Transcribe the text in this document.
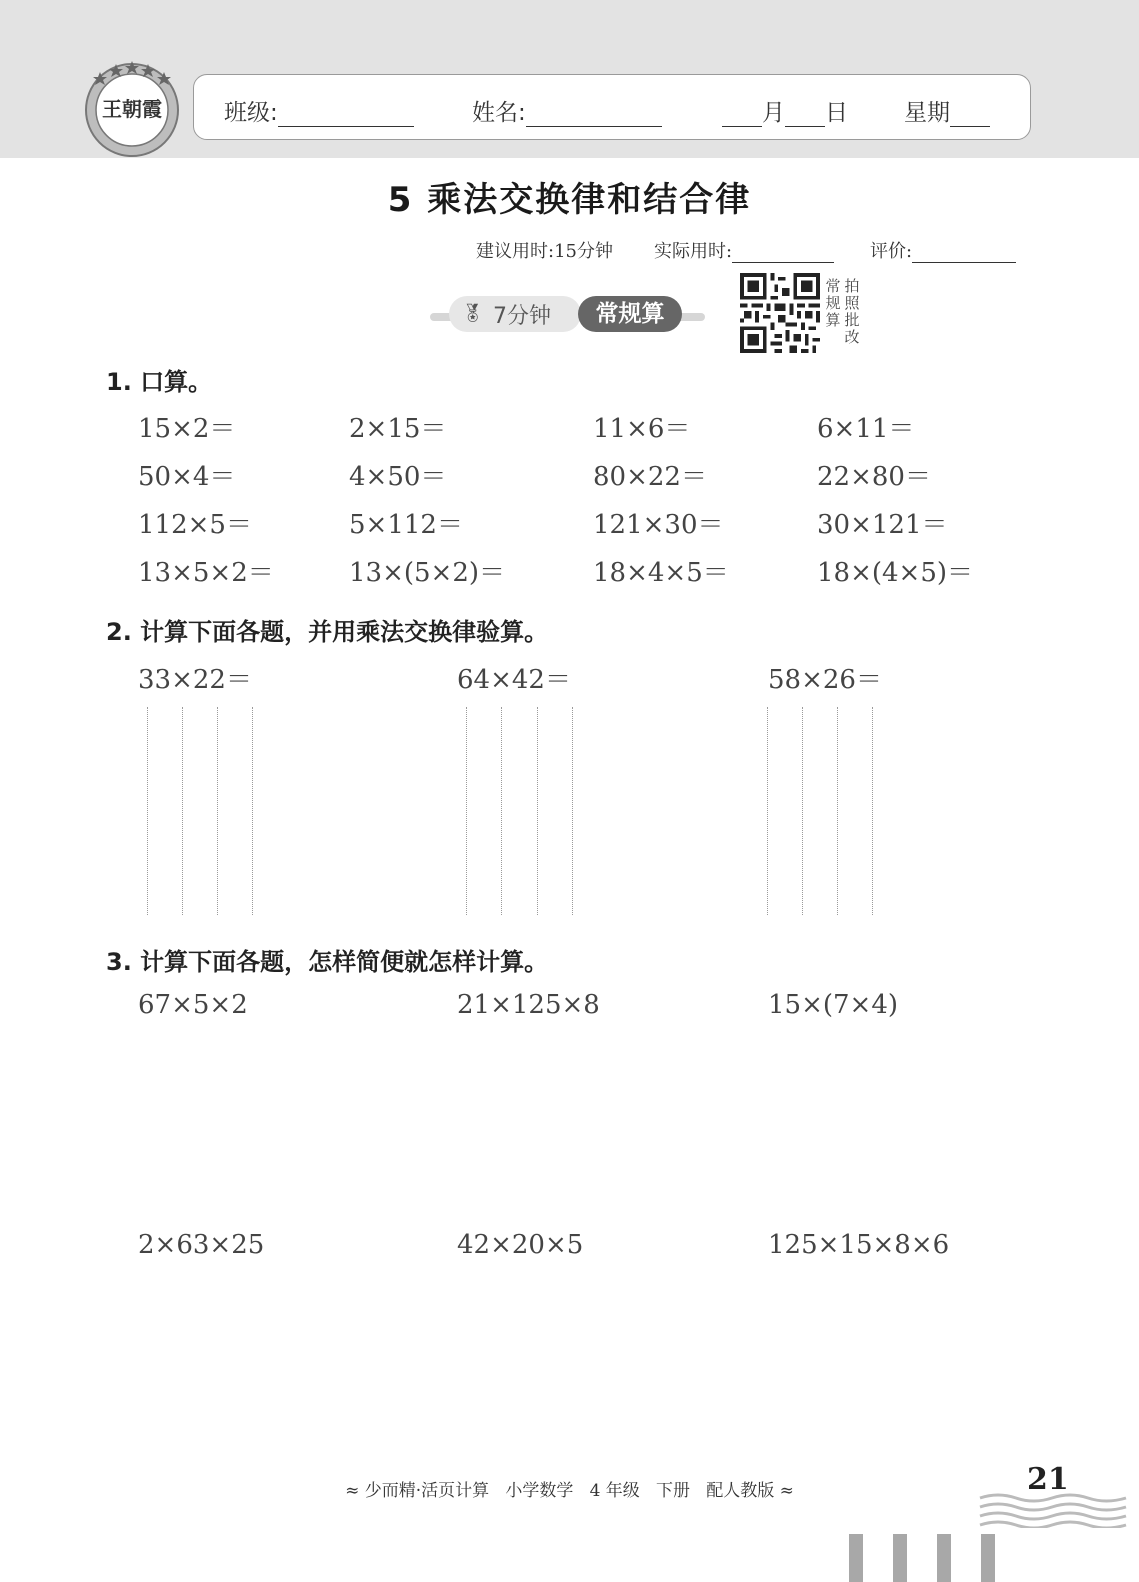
王朝霞	班级:	姓名:	月 日 星期
5 乘法交换律和结合律
建议用时:15分钟 实际用时:	评价:
🏅︎ 7分钟	常规算
常
规
算
拍
照
批
改
1. 口算。
15×2＝	2×15＝	11×6＝	6×11＝
50×4＝	4×50＝	80×22＝	22×80＝
112×5＝	5×112＝	121×30＝	30×121＝
13×5×2＝	13×(5×2)＝	18×4×5＝	18×(4×5)＝
2. 计算下面各题，并用乘法交换律验算。
33×22＝	64×42＝	58×26＝
3. 计算下面各题，怎样简便就怎样计算。
67×5×2	21×125×8	15×(7×4)
2×63×25	42×20×5	125×15×8×6
≈ 少而精·活页计算   小学数学   4 年级   下册   配人教版 ≈	21
